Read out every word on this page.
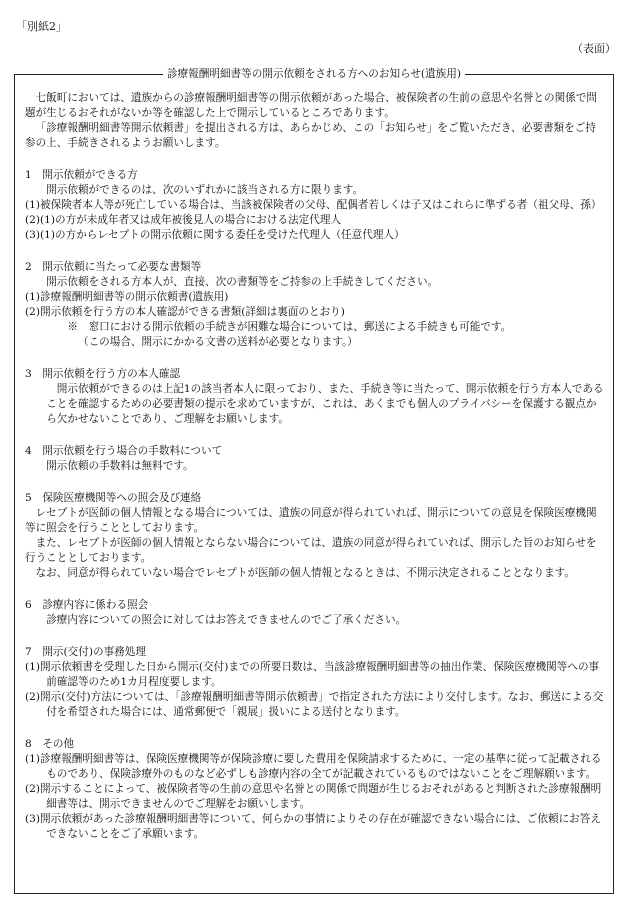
「別紙2」
（表面）
診療報酬明細書等の開示依頼をされる方へのお知らせ(遺族用)

七飯町においては、遺族からの診療報酬明細書等の開示依頼があった場合、被保険者の生前の意思や名誉との関係で問題が生じるおそれがないか等を確認した上で開示しているところであります。

「診療報酬明細書等開示依頼書」を提出される方は、あらかじめ、この「お知らせ」をご覧いただき、必要書類をご持参の上、手続きされるようお願いします。

1　開示依頼ができる方

開示依頼ができるのは、次のいずれかに該当される方に限ります。

(1)被保険者本人等が死亡している場合は、当該被保険者の父母、配偶者若しくは子又はこれらに準ずる者（祖父母、孫）

(2)(1)の方が未成年者又は成年被後見人の場合における法定代理人

(3)(1)の方からレセプトの開示依頼に関する委任を受けた代理人（任意代理人）

2　開示依頼に当たって必要な書類等

開示依頼をされる方本人が、直接、次の書類等をご持参の上手続きしてください。

(1)診療報酬明細書等の開示依頼書(遺族用)

(2)開示依頼を行う方の本人確認ができる書類(詳細は裏面のとおり)

※　窓口における開示依頼の手続きが困難な場合については、郵送による手続きも可能です。

（この場合、開示にかかる文書の送料が必要となります。）

3　開示依頼を行う方の本人確認

開示依頼ができるのは上記1の該当者本人に限っており、また、手続き等に当たって、開示依頼を行う方本人であることを確認するための必要書類の提示を求めていますが、これは、あくまでも個人のプライバシーを保護する観点から欠かせないことであり、ご理解をお願いします。

4　開示依頼を行う場合の手数料について

開示依頼の手数料は無料です。

5　保険医療機関等への照会及び連絡

レセプトが医師の個人情報となる場合については、遺族の同意が得られていれば、開示についての意見を保険医療機関等に照会を行うこととしております。

また、レセプトが医師の個人情報とならない場合については、遺族の同意が得られていれば、開示した旨のお知らせを行うこととしております。

なお、同意が得られていない場合でレセプトが医師の個人情報となるときは、不開示決定されることとなります。

6　診療内容に係わる照会

診療内容についての照会に対してはお答えできませんのでご了承ください。

7　開示(交付)の事務処理

(1)開示依頼書を受理した日から開示(交付)までの所要日数は、当該診療報酬明細書等の抽出作業、保険医療機関等への事前確認等のため1カ月程度要します。

(2)開示(交付)方法については、「診療報酬明細書等開示依頼書」で指定された方法により交付します。なお、郵送による交付を希望された場合には、通常郵便で「親展」扱いによる送付となります。

8　その他

(1)診療報酬明細書等は、保険医療機関等が保険診療に要した費用を保険請求するために、一定の基準に従って記載されるものであり、保険診療外のものなど必ずしも診療内容の全てが記載されているものではないことをご理解願います。

(2)開示することによって、被保険者等の生前の意思や名誉との関係で問題が生じるおそれがあると判断された診療報酬明細書等は、開示できませんのでご理解をお願いします。

(3)開示依頼があった診療報酬明細書等について、何らかの事情によりその存在が確認できない場合には、ご依頼にお答えできないことをご了承願います。
